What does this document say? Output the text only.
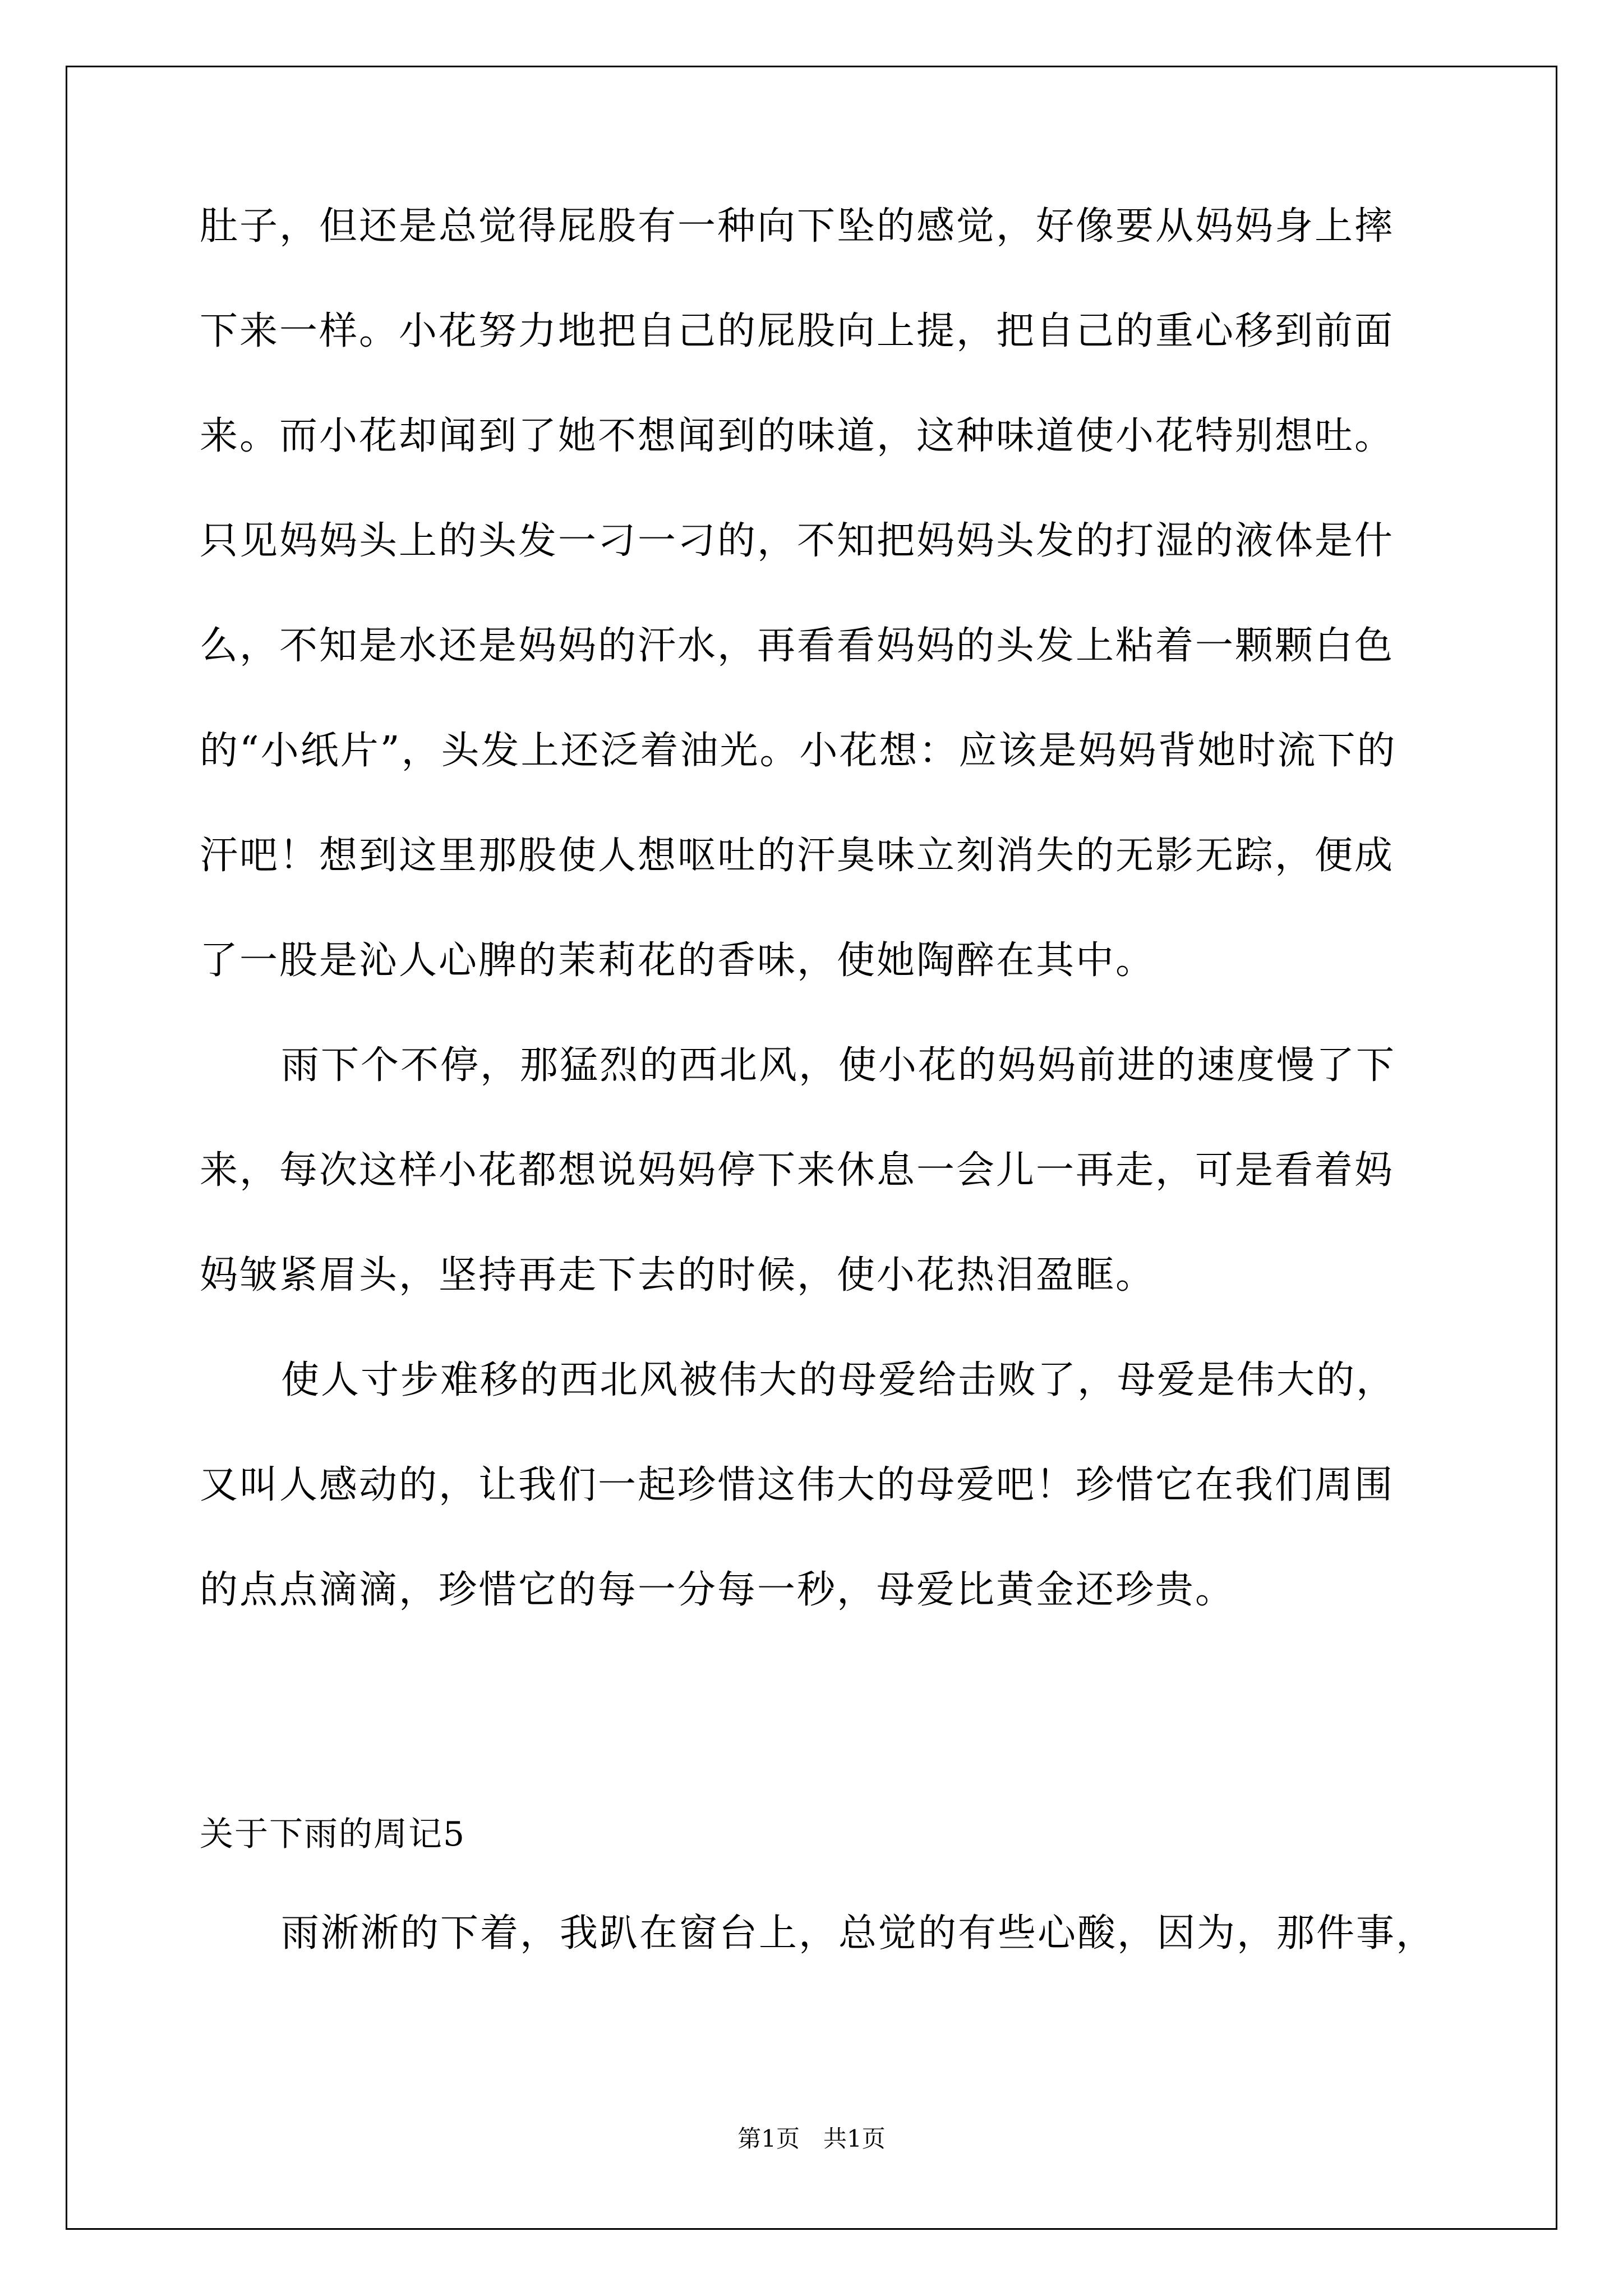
肚子，但还是总觉得屁股有一种向下坠的感觉，好像要从妈妈身上摔
下来一样。小花努力地把自己的屁股向上提，把自己的重心移到前面
来。而小花却闻到了她不想闻到的味道，这种味道使小花特别想吐。
只见妈妈头上的头发一刁一刁的，不知把妈妈头发的打湿的液体是什
么，不知是水还是妈妈的汗水，再看看妈妈的头发上粘着一颗颗白色
的“小纸片”，头发上还泛着油光。小花想：应该是妈妈背她时流下的
汗吧！想到这里那股使人想呕吐的汗臭味立刻消失的无影无踪，便成
了一股是沁人心脾的茉莉花的香味，使她陶醉在其中。
雨下个不停，那猛烈的西北风，使小花的妈妈前进的速度慢了下
来，每次这样小花都想说妈妈停下来休息一会儿一再走，可是看着妈
妈皱紧眉头，坚持再走下去的时候，使小花热泪盈眶。
使人寸步难移的西北风被伟大的母爱给击败了，母爱是伟大的，
又叫人感动的，让我们一起珍惜这伟大的母爱吧！珍惜它在我们周围
的点点滴滴，珍惜它的每一分每一秒，母爱比黄金还珍贵。
关于下雨的周记5
雨淅淅的下着，我趴在窗台上，总觉的有些心酸，因为，那件事，
第1页 共1页
